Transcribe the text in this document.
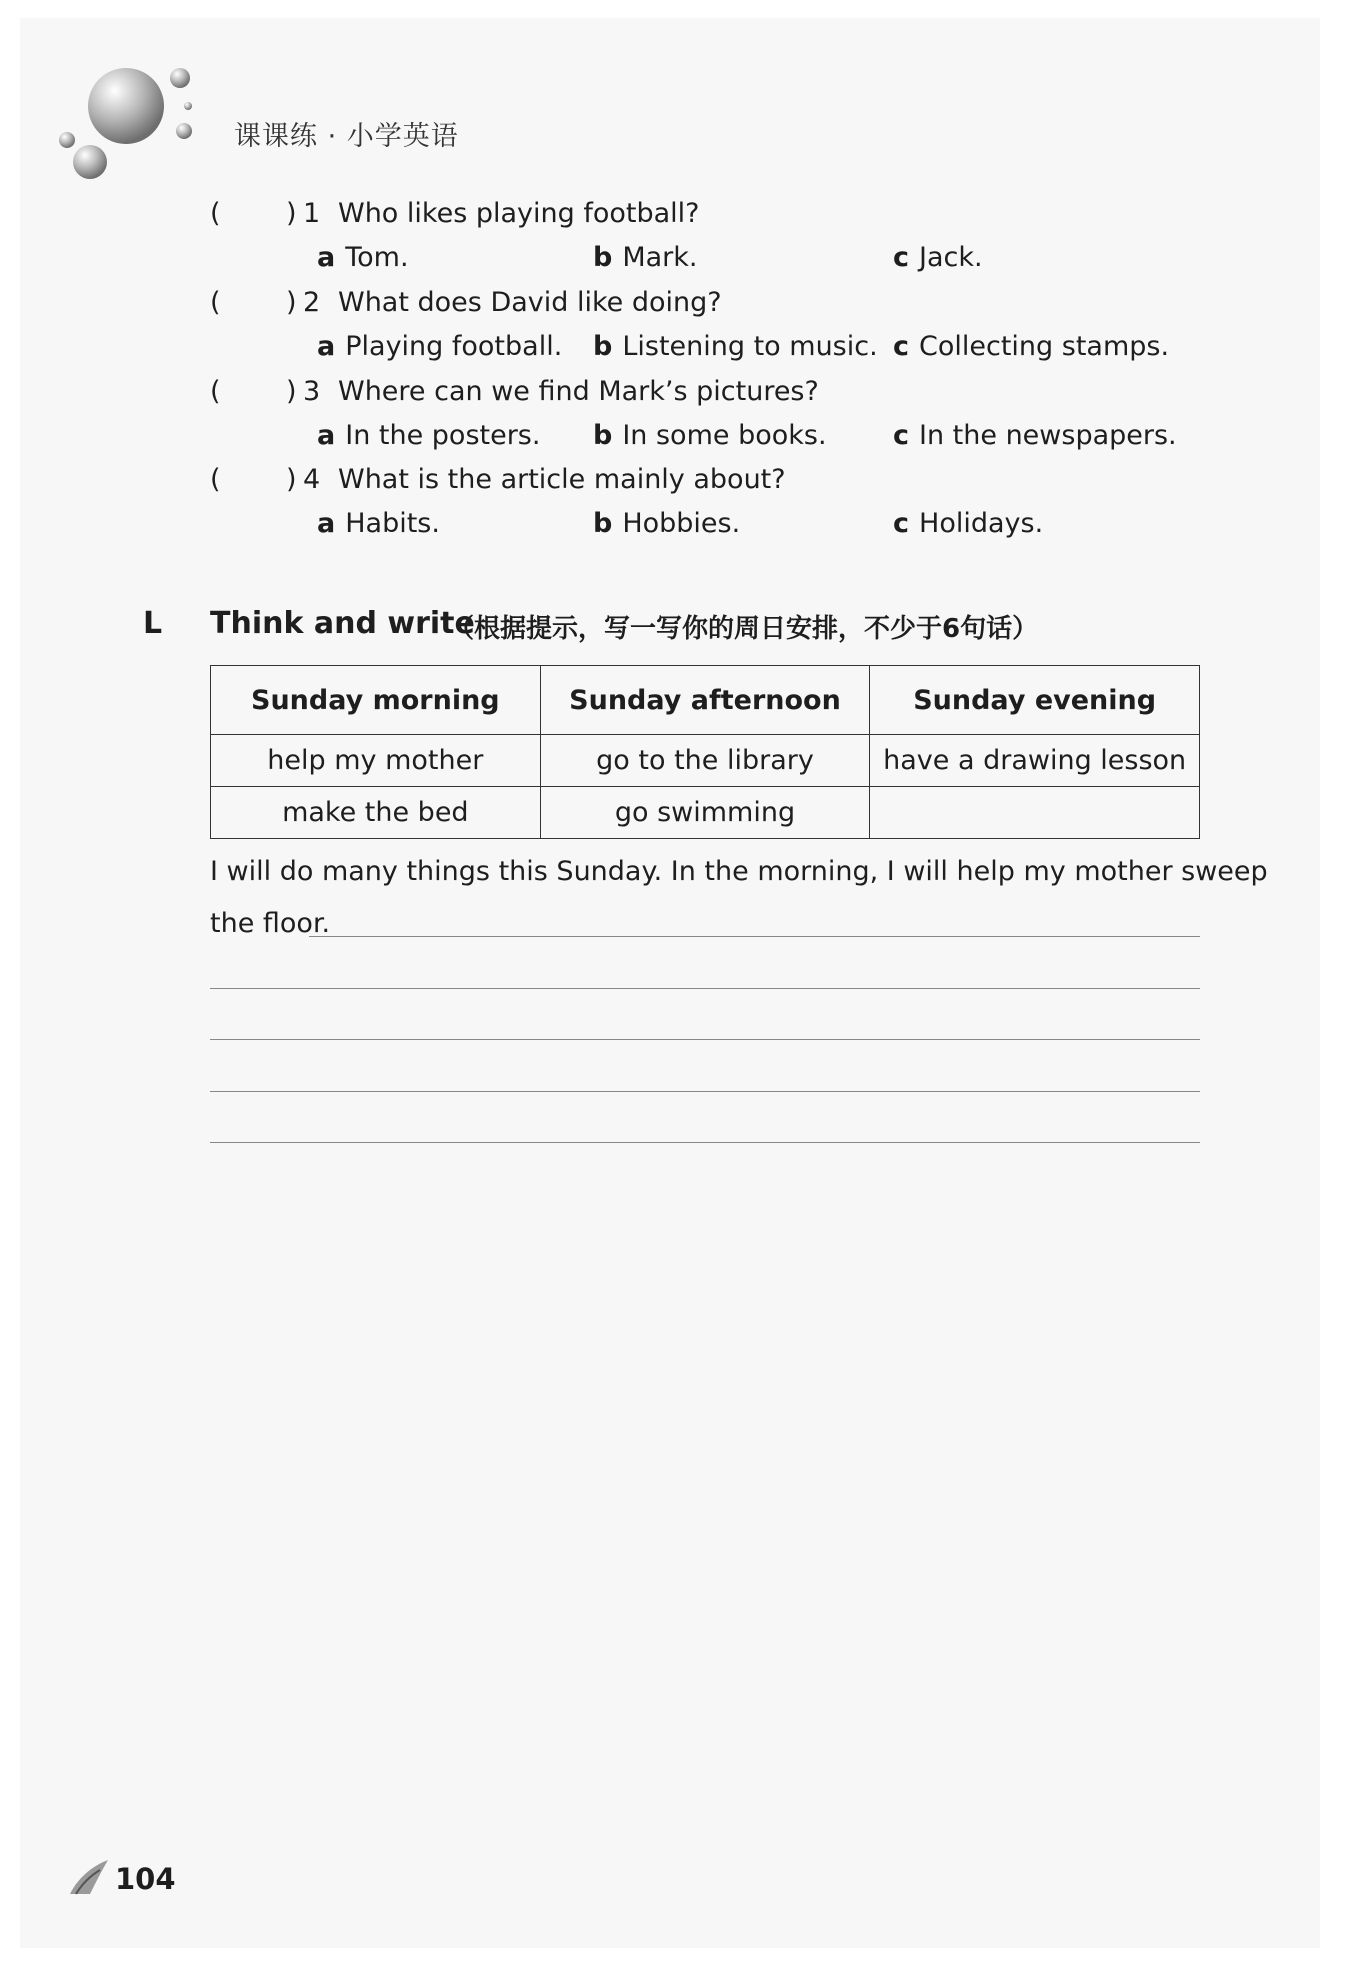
课课练 · 小学英语
( ) 1 Who likes playing football?
a Tom.	b Mark.	c Jack.
( ) 2 What does David like doing?
a Playing football. b Listening to music. c Collecting stamps.
( ) 3 Where can we find Mark’s pictures?
a In the posters. b In some books. c In the newspapers.
( ) 4 What is the article mainly about?
a Habits.	b Hobbies.	c Holidays.
L Think and write
（根据提示，写一写你的周日安排，不少于6句话）
Sunday morning	Sunday afternoon	Sunday evening
help my mother	go to the library	have a drawing lesson
make the bed	go swimming	
I will do many things this Sunday. In the morning, I will help my mother sweep
the floor.
104
